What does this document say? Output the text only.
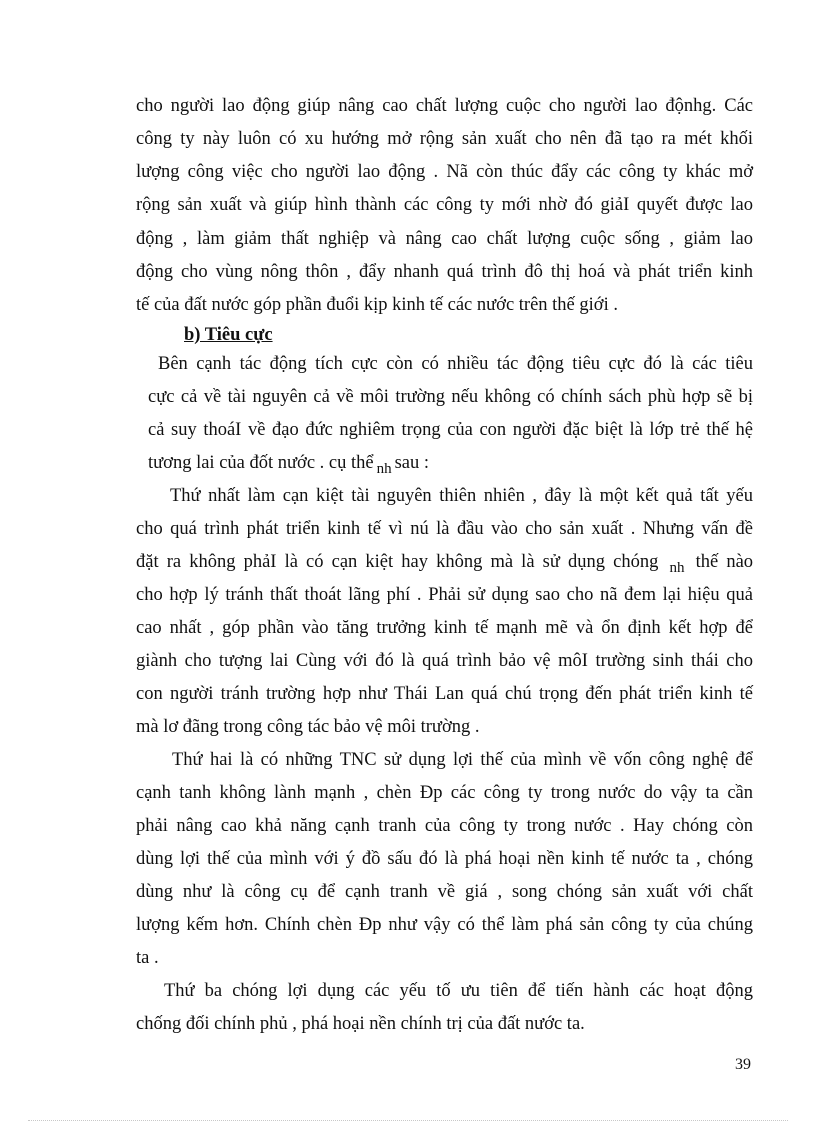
cho người lao động giúp nâng cao chất lượng cuộc cho người lao độnhg. Các
công ty này luôn có xu hướng mở rộng sản xuất cho nên đã tạo ra mét khối
lượng công việc cho người lao động . Nã còn thúc đẩy các công ty khác mở
rộng sản xuất và giúp hình thành các công ty mới nhờ đó giảI quyết được lao
động , làm giảm thất nghiệp và nâng cao chất lượng cuộc sống , giảm lao
động cho vùng nông thôn , đẩy nhanh quá trình đô thị hoá và phát triển kinh
tế của đất nước góp phần đuổi kịp kinh tế các nước trên thế giới .
b) Tiêu cực
Bên cạnh tác động tích cực còn có nhiều tác động tiêu cực đó là các tiêu
cực cả về tài nguyên cả về môi trường nếu không có chính sách phù hợp sẽ bị
cả suy thoáI về đạo đức nghiêm trọng của con người đặc biệt là lớp trẻ thế hệ
tương lai của đốt nước . cụ thể $_{nh}$ sau :
Thứ nhất làm cạn kiệt tài nguyên thiên nhiên , đây là một kết quả tất yếu
cho quá trình phát triển kinh tế vì nú là đầu vào cho sản xuất . Nhưng vấn đề
đặt ra không phảI là có cạn kiệt hay không mà là sử dụng chóng $_{nh}$ thế nào
cho hợp lý tránh thất thoát lãng phí . Phải sử dụng sao cho nã đem lại hiệu quả
cao nhất , góp phần vào tăng trưởng kinh tế mạnh mẽ và ổn định kết hợp để
giành cho tượng lai Cùng với đó là quá trình bảo vệ môI trường sinh thái cho
con người tránh trường hợp như Thái Lan quá chú trọng đến phát triển kinh tế
mà lơ đãng trong công tác bảo vệ môi trường .
Thứ hai là có những TNC sử dụng lợi thế của mình về vốn công nghệ để
cạnh tanh không lành mạnh , chèn Ðp các công ty trong nước do vậy ta cần
phải nâng cao khả năng cạnh tranh của công ty trong nước . Hay chóng còn
dùng lợi thế của mình với ý đồ sấu đó là phá hoại nền kinh tế nước ta , chóng
dùng như là công cụ để cạnh tranh về giá , song chóng sản xuất với chất
lượng kếm hơn. Chính chèn Ðp như vậy có thể làm phá sản công ty của chúng
ta .
Thứ ba chóng lợi dụng các yếu tố ưu tiên để tiến hành các hoạt động
chống đối chính phủ , phá hoại nền chính trị của đất nước ta.
39
